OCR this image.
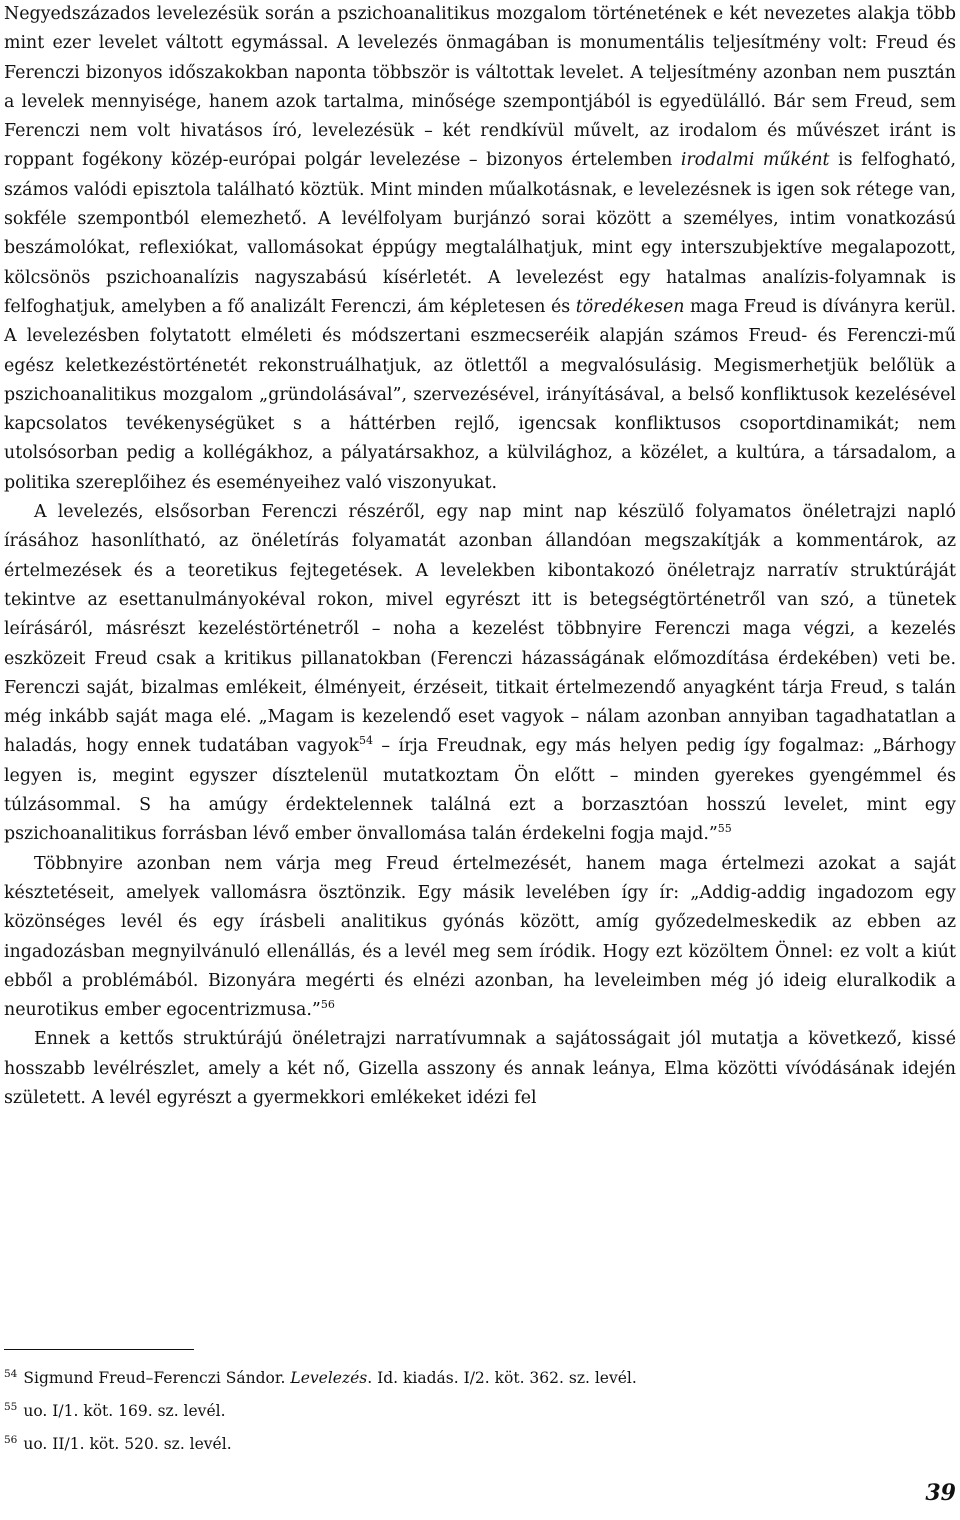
Negyedszázados levelezésük során a pszichoanalitikus mozgalom történetének e két nevezetes alakja több mint ezer levelet váltott egymással. A levelezés önmagában is monumentális teljesítmény volt: Freud és Ferenczi bizonyos időszakokban naponta többször is váltottak levelet. A teljesítmény azonban nem pusztán a levelek mennyisége, hanem azok tartalma, minősége szempontjából is egyedülálló. Bár sem Freud, sem Ferenczi nem volt hivatásos író, levelezésük – két rendkívül művelt, az irodalom és művészet iránt is roppant fogékony közép-európai polgár levelezése – bizonyos értelemben irodalmi műként is felfogható, számos valódi episztola található köztük. Mint minden műalkotásnak, e levelezésnek is igen sok rétege van, sokféle szempontból elemezhető. A levélfolyam burjánzó sorai között a személyes, intim vonatkozású beszámolókat, reflexiókat, vallomásokat éppúgy megtalálhatjuk, mint egy interszubjektíve megalapozott, kölcsönös pszichoanalízis nagyszabású kísérletét. A levelezést egy hatalmas analízis-folyamnak is felfoghatjuk, amelyben a fő analizált Ferenczi, ám képletesen és töredékesen maga Freud is díványra kerül. A levelezésben folytatott elméleti és módszertani eszmecseréik alapján számos Freud- és Ferenczi-mű egész keletkezéstörténetét rekonstruálhatjuk, az ötlettől a megvalósulásig. Megismerhetjük belőlük a pszichoanalitikus mozgalom „gründolásával”, szervezésével, irányításával, a belső konfliktusok kezelésével kapcsolatos tevékenységüket s a háttérben rejlő, igencsak konfliktusos csoportdinamikát; nem utolsósorban pedig a kollégákhoz, a pályatársakhoz, a külvilághoz, a közélet, a kultúra, a társadalom, a politika szereplőihez és eseményeihez való viszonyukat.

A levelezés, elsősorban Ferenczi részéről, egy nap mint nap készülő folyamatos önéletrajzi napló írásához hasonlítható, az önéletírás folyamatát azonban állandóan megszakítják a kommentárok, az értelmezések és a teoretikus fejtegetések. A levelekben kibontakozó önéletrajz narratív struktúráját tekintve az esettanulmányokéval rokon, mivel egyrészt itt is betegségtörténetről van szó, a tünetek leírásáról, másrészt kezeléstörténetről – noha a kezelést többnyire Ferenczi maga végzi, a kezelés eszközeit Freud csak a kritikus pillanatokban (Ferenczi házasságának előmozdítása érdekében) veti be. Ferenczi saját, bizalmas emlékeit, élményeit, érzéseit, titkait értelmezendő anyagként tárja Freud, s talán még inkább saját maga elé. „Magam is kezelendő eset vagyok – nálam azonban annyiban tagadhatatlan a haladás, hogy ennek tudatában vagyok$^{54}$ – írja Freudnak, egy más helyen pedig így fogalmaz: „Bárhogy legyen is, megint egyszer dísztelenül mutatkoztam Ön előtt – minden gyerekes gyengémmel és túlzásommal. S ha amúgy érdektelennek találná ezt a borzasztóan hosszú levelet, mint egy pszichoanalitikus forrásban lévő ember önvallomása talán érdekelni fogja majd.”$^{55}$

Többnyire azonban nem várja meg Freud értelmezését, hanem maga értelmezi azokat a saját késztetéseit, amelyek vallomásra ösztönzik. Egy másik levelében így ír: „Addig-addig ingadozom egy közönséges levél és egy írásbeli analitikus gyónás között, amíg győzedelmeskedik az ebben az ingadozásban megnyilvánuló ellenállás, és a levél meg sem íródik. Hogy ezt közöltem Önnel: ez volt a kiút ebből a problémából. Bizonyára megérti és elnézi azonban, ha leveleimben még jó ideig eluralkodik a neurotikus ember egocentrizmusa.”$^{56}$

Ennek a kettős struktúrájú önéletrajzi narratívumnak a sajátosságait jól mutatja a következő, kissé hosszabb levélrészlet, amely a két nő, Gizella asszony és annak leánya, Elma közötti vívódásának idején született. A levél egyrészt a gyermekkori emlékeket idézi fel

$^{54}$ Sigmund Freud–Ferenczi Sándor. Levelezés. Id. kiadás. I/2. köt. 362. sz. levél.
$^{55}$ uo. I/1. köt. 169. sz. levél.
$^{56}$ uo. II/1. köt. 520. sz. levél.
39
